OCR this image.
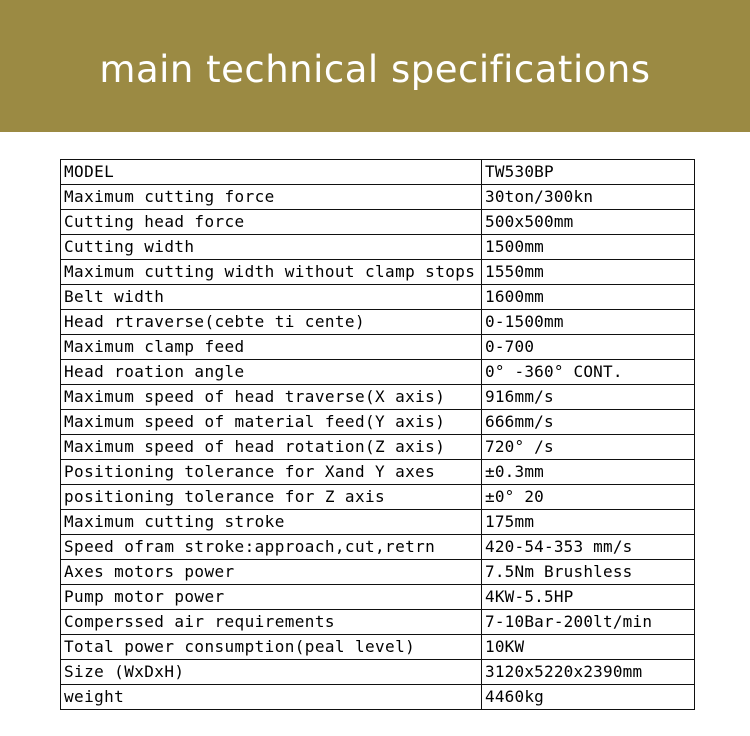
main technical specifications
MODEL	TW530BP
Maximum cutting force	30ton/300kn
Cutting head force	500x500mm
Cutting width	1500mm
Maximum cutting width without clamp stops	1550mm
Belt width	1600mm
Head rtraverse(cebte ti cente)	0-1500mm
Maximum clamp feed	0-700
Head roation angle	0° -360° CONT.
Maximum speed of head traverse(X axis)	916mm/s
Maximum speed of material feed(Y axis)	666mm/s
Maximum speed of head rotation(Z axis)	720° /s
Positioning tolerance for Xand Y axes	±0.3mm
positioning tolerance for Z axis	±0° 20
Maximum cutting stroke	175mm
Speed ofram stroke:approach,cut,retrn	420-54-353 mm/s
Axes motors power	7.5Nm Brushless
Pump motor power	4KW-5.5HP
Comperssed air requirements	7-10Bar-200lt/min
Total power consumption(peal level)	10KW
Size (WxDxH)	3120x5220x2390mm
weight	4460kg
